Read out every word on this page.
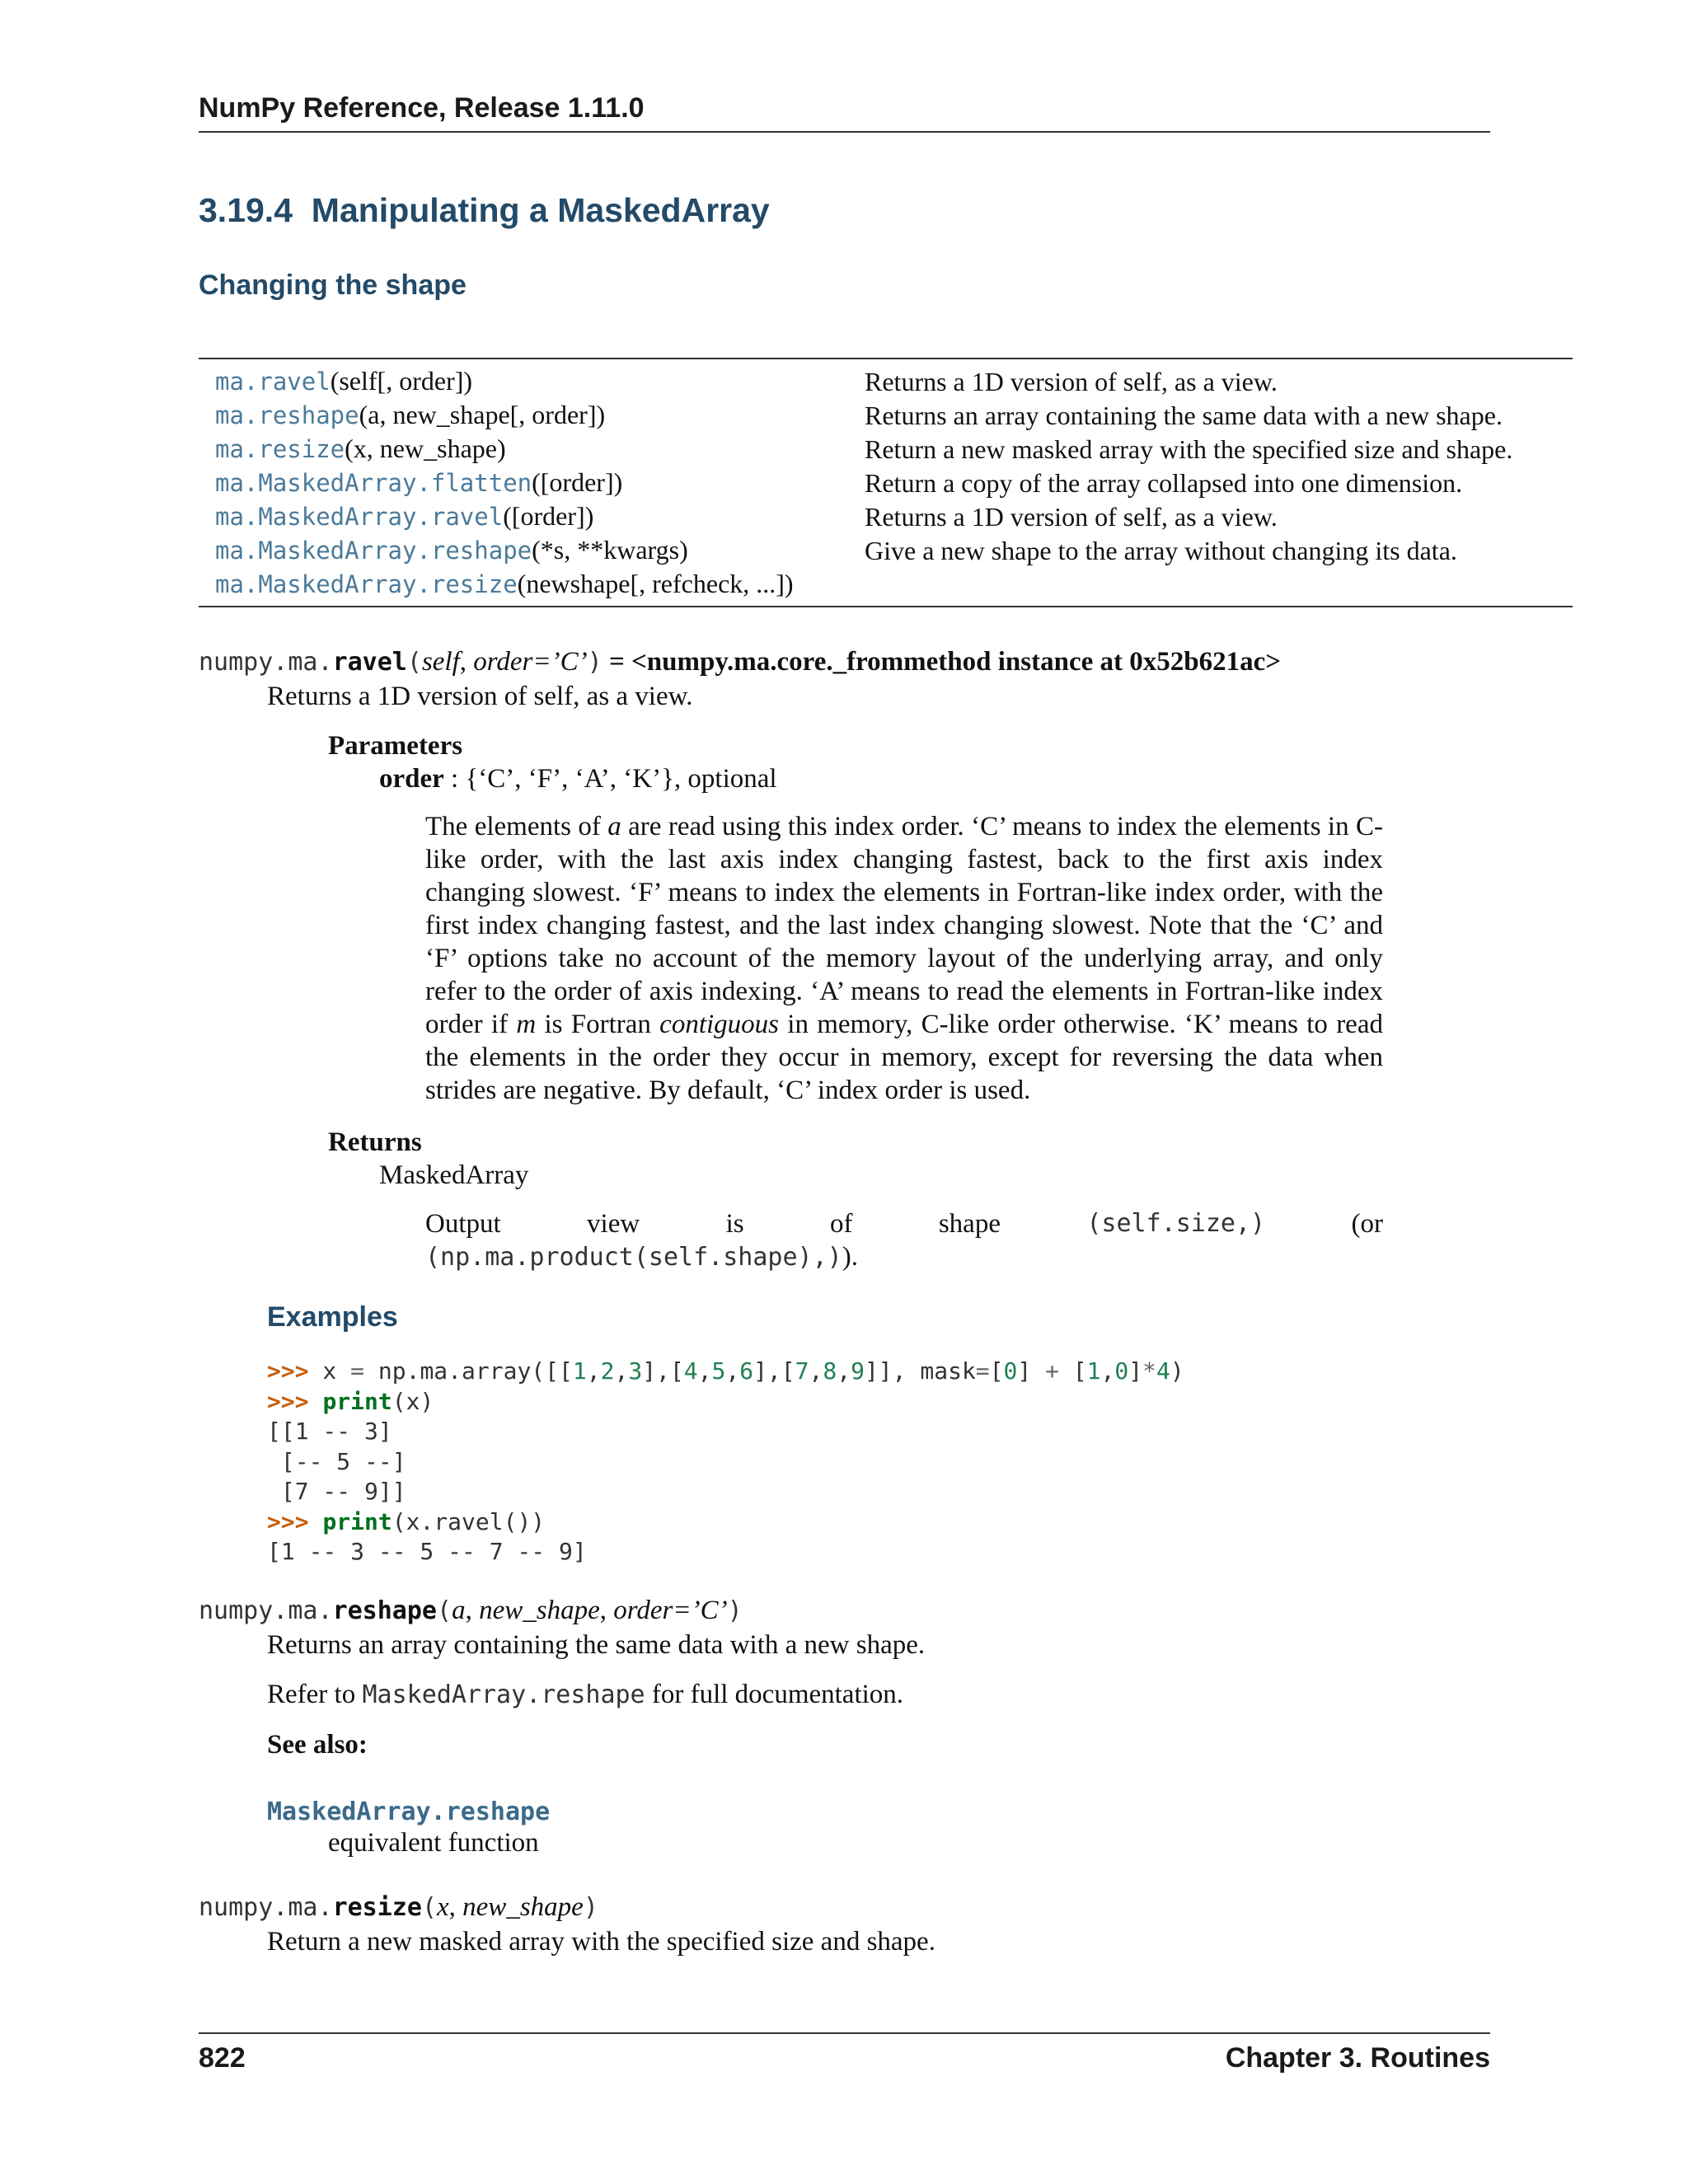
NumPy Reference, Release 1.11.0
3.19.4 Manipulating a MaskedArray
Changing the shape
ma.ravel(self[, order])	Returns a 1D version of self, as a view.
ma.reshape(a, new_shape[, order])	Returns an array containing the same data with a new shape.
ma.resize(x, new_shape)	Return a new masked array with the specified size and shape.
ma.MaskedArray.flatten([order])	Return a copy of the array collapsed into one dimension.
ma.MaskedArray.ravel([order])	Returns a 1D version of self, as a view.
ma.MaskedArray.reshape(*s, **kwargs)	Give a new shape to the array without changing its data.
ma.MaskedArray.resize(newshape[, refcheck, ...])	
numpy.ma.ravel(self, order=’C’) = <numpy.ma.core._frommethod instance at 0x52b621ac>
Returns a 1D version of self, as a view.
Parameters
order : {‘C’, ‘F’, ‘A’, ‘K’}, optional
The elements of a are read using this index order. ‘C’ means to index the elements in C-like order, with the last axis index changing fastest, back to the first axis index changing slowest. ‘F’ means to index the elements in Fortran-like index order, with the first index changing fastest, and the last index changing slowest. Note that the ‘C’ and ‘F’ options take no account of the memory layout of the underlying array, and only refer to the order of axis indexing. ‘A’ means to read the elements in Fortran-like index order if m is Fortran contiguous in memory, C-like order otherwise. ‘K’ means to read the elements in the order they occur in memory, except for reversing the data when strides are negative. By default, ‘C’ index order is used.
Returns
MaskedArray
Output	view	is	of	shape	(self.size,)	(or
(np.ma.product(self.shape),)).
Examples
>>> x = np.ma.array([[1,2,3],[4,5,6],[7,8,9]], mask=[0] + [1,0]*4)
>>> print(x)
[[1 -- 3]
[-- 5 --]
[7 -- 9]]
>>> print(x.ravel())
[1 -- 3 -- 5 -- 7 -- 9]
numpy.ma.reshape(a, new_shape, order=’C’)
Returns an array containing the same data with a new shape.
Refer to MaskedArray.reshape for full documentation.
See also:
MaskedArray.reshape
equivalent function
numpy.ma.resize(x, new_shape)
Return a new masked array with the specified size and shape.
822	Chapter 3. Routines
